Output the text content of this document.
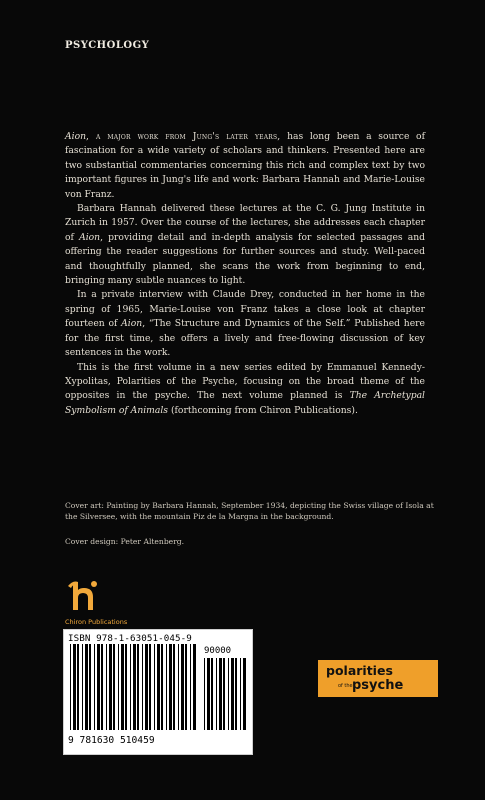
PSYCHOLOGY

Aion, a major work from Jung's later years, has long been a source of fascination for a wide variety of scholars and thinkers. Presented here are two substantial commentaries concerning this rich and complex text by two important figures in Jung's life and work: Barbara Hannah and Marie-Louise von Franz.

Barbara Hannah delivered these lectures at the C. G. Jung Institute in Zurich in 1957. Over the course of the lectures, she addresses each chapter of Aion, providing detail and in-depth analysis for selected passages and offering the reader suggestions for further sources and study. Well-paced and thoughtfully planned, she scans the work from beginning to end, bringing many subtle nuances to light.

In a private interview with Claude Drey, conducted in her home in the spring of 1965, Marie-Louise von Franz takes a close look at chapter fourteen of Aion, “The Structure and Dynamics of the Self.” Published here for the first time, she offers a lively and free-flowing discussion of key sentences in the work.

This is the first volume in a new series edited by Emmanuel Kennedy-Xypolitas, Polarities of the Psyche, focusing on the broad theme of the opposites in the psyche. The next volume planned is The Archetypal Symbolism of Animals (forthcoming from Chiron Publications).

Cover art: Painting by Barbara Hannah, September 1934, depicting the Swiss village of Isola at the Silversee, with the mountain Piz de la Margna in the background.

Cover design: Peter Altenberg.

Chiron Publications
ISBN 978-1-63051-045-9
90000
9 781630 510459
polarities
of the psyche
